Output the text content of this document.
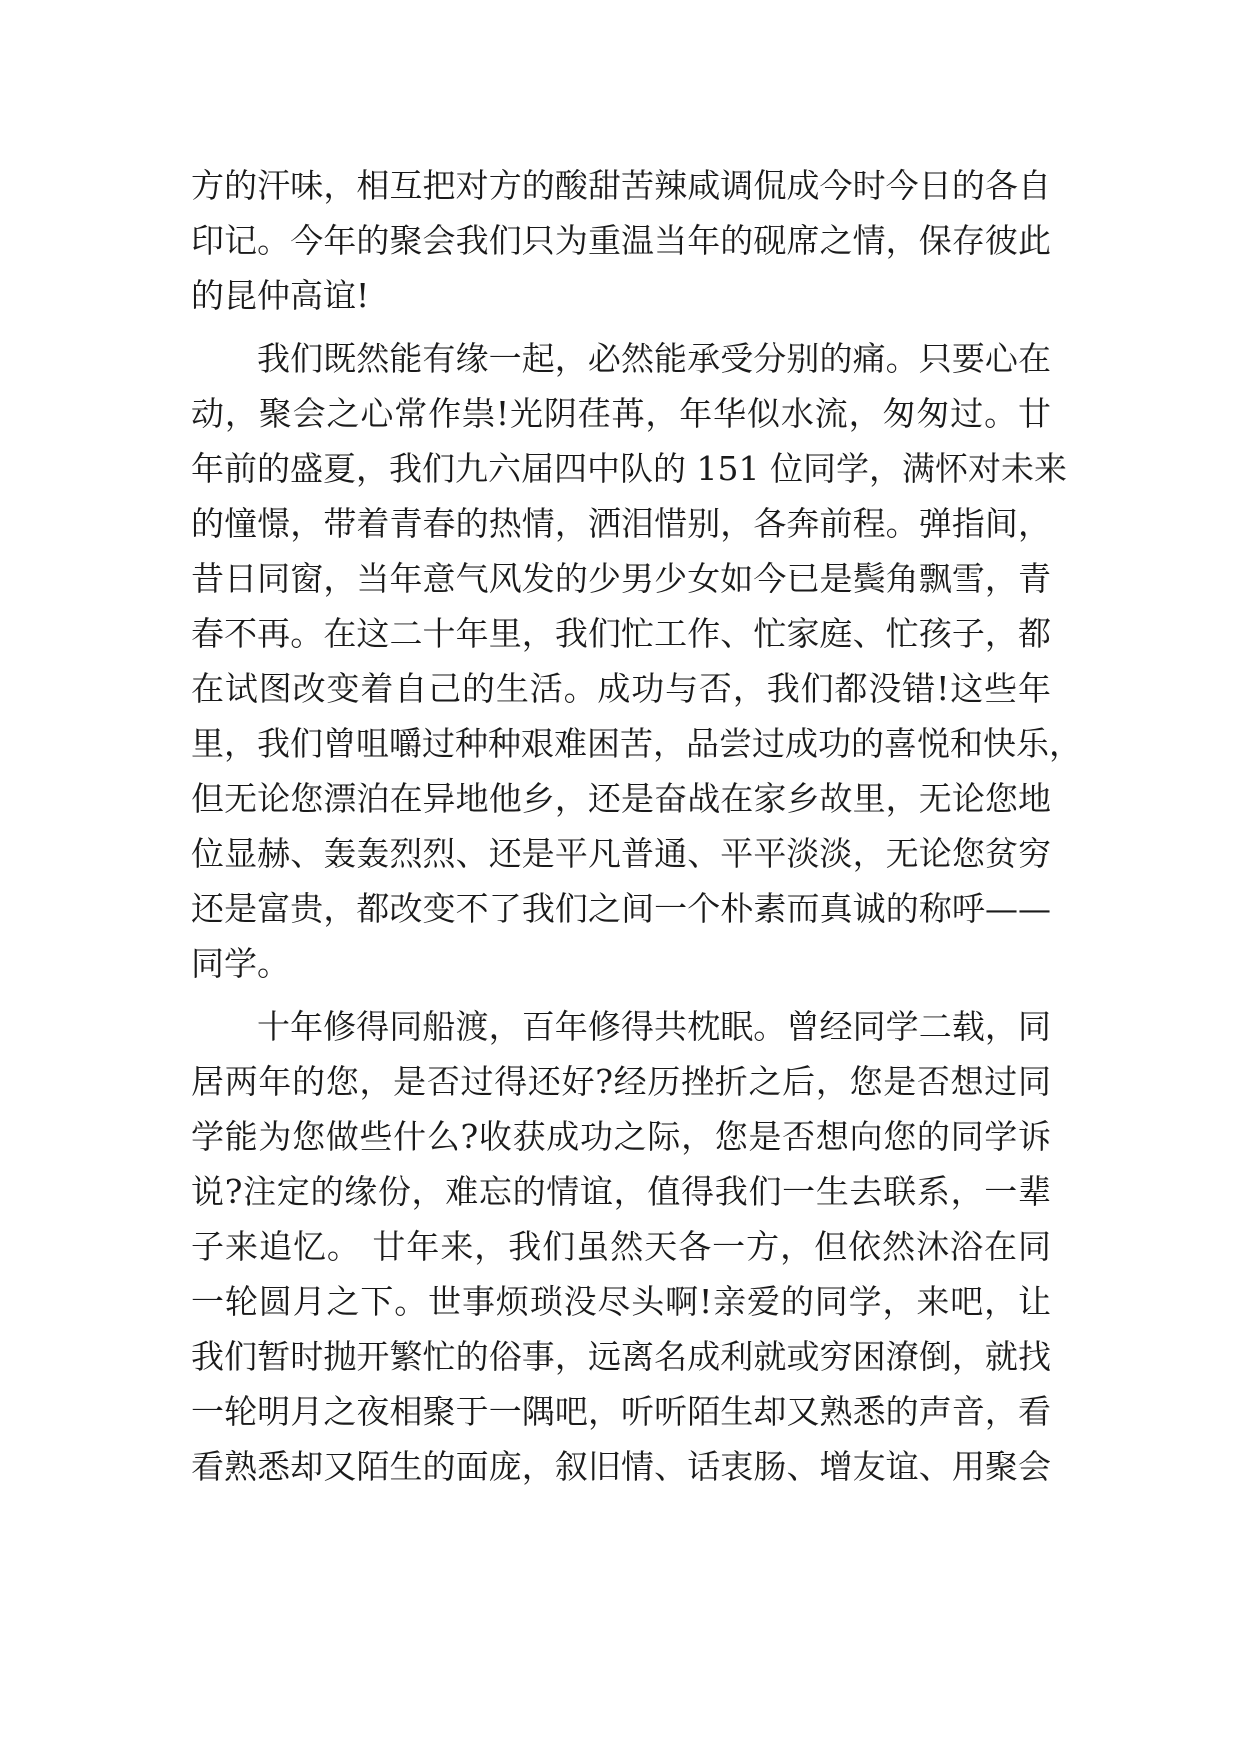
方的汗味，相互把对方的酸甜苦辣咸调侃成今时今日的各自
印记。今年的聚会我们只为重温当年的砚席之情，保存彼此
的昆仲高谊!
我们既然能有缘一起，必然能承受分别的痛。只要心在
动，聚会之心常作祟!光阴荏苒，年华似水流，匆匆过。廿
年前的盛夏，我们九六届四中队的 151 位同学，满怀对未来
的憧憬，带着青春的热情，洒泪惜别，各奔前程。弹指间，
昔日同窗，当年意气风发的少男少女如今已是鬓角飘雪，青
春不再。在这二十年里，我们忙工作、忙家庭、忙孩子，都
在试图改变着自己的生活。成功与否，我们都没错!这些年
里，我们曾咀嚼过种种艰难困苦，品尝过成功的喜悦和快乐，
但无论您漂泊在异地他乡，还是奋战在家乡故里，无论您地
位显赫、轰轰烈烈、还是平凡普通、平平淡淡，无论您贫穷
还是富贵，都改变不了我们之间一个朴素而真诚的称呼——
同学。
十年修得同船渡，百年修得共枕眠。曾经同学二载，同
居两年的您，是否过得还好?经历挫折之后，您是否想过同
学能为您做些什么?收获成功之际，您是否想向您的同学诉
说?注定的缘份，难忘的情谊，值得我们一生去联系，一辈
子来追忆。 廿年来，我们虽然天各一方，但依然沐浴在同
一轮圆月之下。世事烦琐没尽头啊!亲爱的同学，来吧，让
我们暂时抛开繁忙的俗事，远离名成利就或穷困潦倒，就找
一轮明月之夜相聚于一隅吧，听听陌生却又熟悉的声音，看
看熟悉却又陌生的面庞，叙旧情、话衷肠、增友谊、用聚会
